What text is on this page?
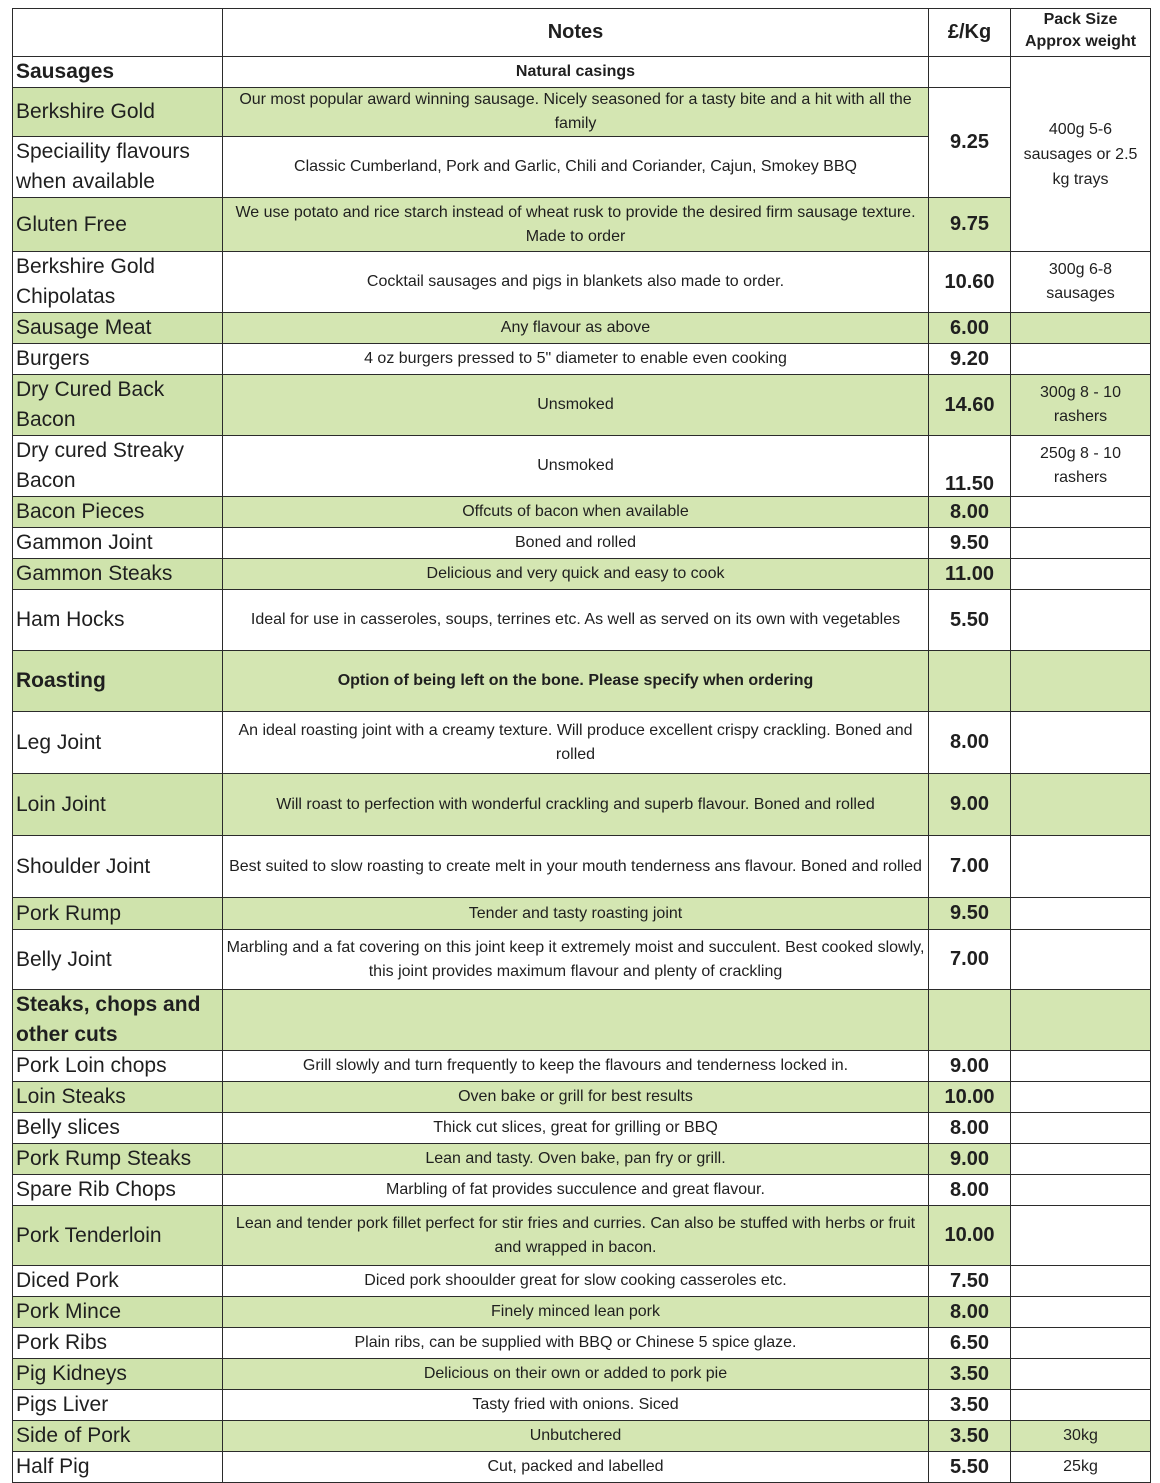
	Notes	£/Kg	Pack Size Approx weight
Sausages	Natural casings		400g 5-6 sausages or 2.5 kg trays
Berkshire Gold	Our most popular award winning sausage. Nicely seasoned for a tasty bite and a hit with all the family	9.25	
Speciaility flavours when available	Classic Cumberland, Pork and Garlic, Chili and Coriander, Cajun, Smokey BBQ		
Gluten Free	We use potato and rice starch instead of wheat rusk to provide the desired firm sausage texture. Made to order	9.75	
Berkshire Gold Chipolatas	Cocktail sausages and pigs in blankets also made to order.	10.60	300g 6-8 sausages
Sausage Meat	Any flavour as above	6.00	
Burgers	4 oz burgers pressed to 5" diameter to enable even cooking	9.20	
Dry Cured Back Bacon	Unsmoked	14.60	300g 8 - 10 rashers
Dry cured Streaky Bacon	Unsmoked	11.50	250g 8 - 10 rashers
Bacon Pieces	Offcuts of bacon when available	8.00	
Gammon Joint	Boned and rolled	9.50	
Gammon Steaks	Delicious and very quick and easy to cook	11.00	
Ham Hocks	Ideal for use in casseroles, soups, terrines etc. As well as served on its own with vegetables	5.50	
Roasting	Option of being left on the bone. Please specify when ordering		
Leg Joint	An ideal roasting joint with a creamy texture. Will produce excellent crispy crackling. Boned and rolled	8.00	
Loin Joint	Will roast to perfection with wonderful crackling and superb flavour. Boned and rolled	9.00	
Shoulder Joint	Best suited to slow roasting to create melt in your mouth tenderness ans flavour. Boned and rolled	7.00	
Pork Rump	Tender and tasty roasting joint	9.50	
Belly Joint	Marbling and a fat covering on this joint keep it extremely moist and succulent. Best cooked slowly, this joint provides maximum flavour and plenty of crackling	7.00	
Steaks, chops and other cuts			
Pork Loin chops	Grill slowly and turn frequently to keep the flavours and tenderness locked in.	9.00	
Loin Steaks	Oven bake or grill for best results	10.00	
Belly slices	Thick cut slices, great for grilling or BBQ	8.00	
Pork Rump Steaks	Lean and tasty. Oven bake, pan fry or grill.	9.00	
Spare Rib Chops	Marbling of fat provides succulence and great flavour.	8.00	
Pork Tenderloin	Lean and tender pork fillet perfect for stir fries and curries. Can also be stuffed with herbs or fruit and wrapped in bacon.	10.00	
Diced Pork	Diced pork shooulder great for slow cooking casseroles etc.	7.50	
Pork Mince	Finely minced lean pork	8.00	
Pork Ribs	Plain ribs, can be supplied with BBQ or Chinese 5 spice glaze.	6.50	
Pig Kidneys	Delicious on their own or added to pork pie	3.50	
Pigs Liver	Tasty fried with onions. Siced	3.50	
Side of Pork	Unbutchered	3.50	30kg
Half Pig	Cut, packed and labelled	5.50	25kg
